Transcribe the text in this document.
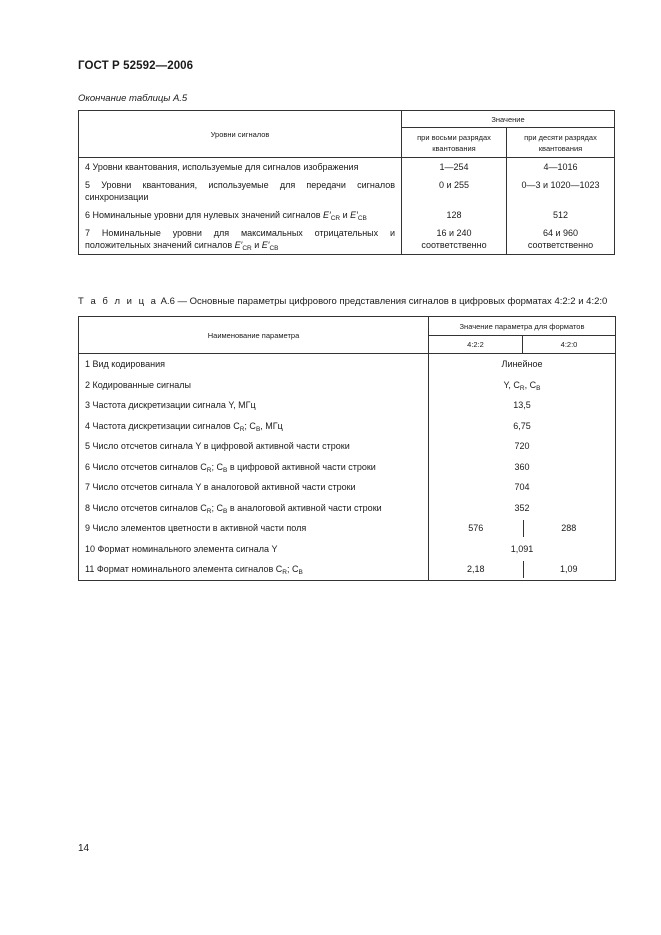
ГОСТ Р 52592—2006
Окончание таблицы А.5
Уровни сигналов	Значение	
	при восьми разрядах квантования	при десяти разрядах квантования
4 Уровни квантования, используемые для сигналов изображения	1—254	4—1016
5 Уровни квантования, используемые для передачи сигналов синхронизации	0 и 255	0—3 и 1020—1023
6 Номинальные уровни для нулевых значений сигналов $E'_{CR}$ и $E'_{CB}$	128	512
7 Номинальные уровни для максимальных отрицательных и положительных значений сигналов $E'_{CR}$ и $E'_{CB}$	16 и 240 соответственно	64 и 960 соответственно
Т а б л и ц а А.6 — Основные параметры цифрового представления сигналов в цифровых форматах 4:2:2 и 4:2:0
Наименование параметра	Значение параметра для форматов	
	4:2:2	4:2:0
1 Вид кодирования	Линейное	
2 Кодированные сигналы	Y, $C_R$, $C_B$
3 Частота дискретизации сигнала Y, МГц	13,5	
4 Частота дискретизации сигналов $C_R$; $C_B$, МГц	6,75	
5 Число отсчетов сигнала Y в цифровой активной части строки	720	
6 Число отсчетов сигналов $C_R$; $C_B$ в цифровой активной части строки	360	
7 Число отсчетов сигнала Y в аналоговой активной части строки	704	
8 Число отсчетов сигналов $C_R$; $C_B$ в аналоговой активной части строки	352	
9 Число элементов цветности в активной части поля	576	288
10 Формат номинального элемента сигнала Y	1,091	
11 Формат номинального элемента сигналов $C_R$; $C_B$	2,18	1,09
14
